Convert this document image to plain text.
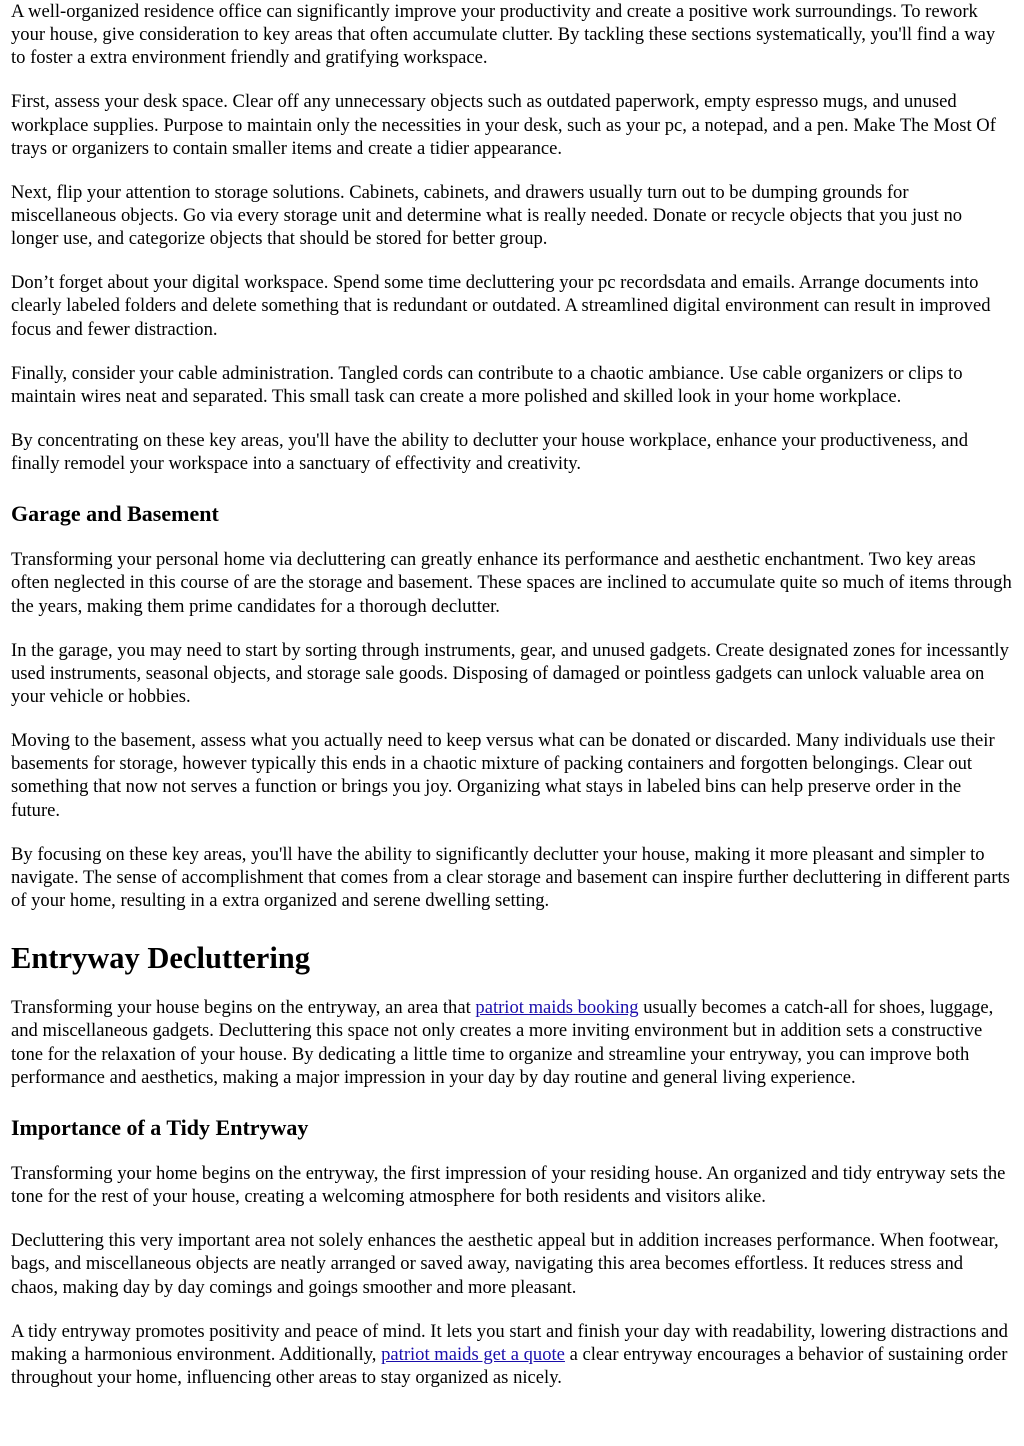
A well-organized residence office can significantly improve your productivity and create a positive work surroundings. To rework your house, give consideration to key areas that often accumulate clutter. By tackling these sections systematically, you'll find a way to foster a extra environment friendly and gratifying workspace.

First, assess your desk space. Clear off any unnecessary objects such as outdated paperwork, empty espresso mugs, and unused workplace supplies. Purpose to maintain only the necessities in your desk, such as your pc, a notepad, and a pen. Make The Most Of trays or organizers to contain smaller items and create a tidier appearance.

Next, flip your attention to storage solutions. Cabinets, cabinets, and drawers usually turn out to be dumping grounds for miscellaneous objects. Go via every storage unit and determine what is really needed. Donate or recycle objects that you just no longer use, and categorize objects that should be stored for better group.

Don’t forget about your digital workspace. Spend some time decluttering your pc recordsdata and emails. Arrange documents into clearly labeled folders and delete something that is redundant or outdated. A streamlined digital environment can result in improved focus and fewer distraction.

Finally, consider your cable administration. Tangled cords can contribute to a chaotic ambiance. Use cable organizers or clips to maintain wires neat and separated. This small task can create a more polished and skilled look in your home workplace.

By concentrating on these key areas, you'll have the ability to declutter your house workplace, enhance your productiveness, and finally remodel your workspace into a sanctuary of effectivity and creativity.

Garage and Basement

Transforming your personal home via decluttering can greatly enhance its performance and aesthetic enchantment. Two key areas often neglected in this course of are the storage and basement. These spaces are inclined to accumulate quite so much of items through the years, making them prime candidates for a thorough declutter.

In the garage, you may need to start by sorting through instruments, gear, and unused gadgets. Create designated zones for incessantly used instruments, seasonal objects, and storage sale goods. Disposing of damaged or pointless gadgets can unlock valuable area on your vehicle or hobbies.

Moving to the basement, assess what you actually need to keep versus what can be donated or discarded. Many individuals use their basements for storage, however typically this ends in a chaotic mixture of packing containers and forgotten belongings. Clear out something that now not serves a function or brings you joy. Organizing what stays in labeled bins can help preserve order in the future.

By focusing on these key areas, you'll have the ability to significantly declutter your house, making it more pleasant and simpler to navigate. The sense of accomplishment that comes from a clear storage and basement can inspire further decluttering in different parts of your home, resulting in a extra organized and serene dwelling setting.

Entryway Decluttering

Transforming your house begins on the entryway, an area that patriot maids booking usually becomes a catch-all for shoes, luggage, and miscellaneous gadgets. Decluttering this space not only creates a more inviting environment but in addition sets a constructive tone for the relaxation of your house. By dedicating a little time to organize and streamline your entryway, you can improve both performance and aesthetics, making a major impression in your day by day routine and general living experience.

Importance of a Tidy Entryway

Transforming your home begins on the entryway, the first impression of your residing house. An organized and tidy entryway sets the tone for the rest of your house, creating a welcoming atmosphere for both residents and visitors alike.

Decluttering this very important area not solely enhances the aesthetic appeal but in addition increases performance. When footwear, bags, and miscellaneous objects are neatly arranged or saved away, navigating this area becomes effortless. It reduces stress and chaos, making day by day comings and goings smoother and more pleasant.

A tidy entryway promotes positivity and peace of mind. It lets you start and finish your day with readability, lowering distractions and making a harmonious environment. Additionally, patriot maids get a quote a clear entryway encourages a behavior of sustaining order throughout your home, influencing other areas to stay organized as nicely.
